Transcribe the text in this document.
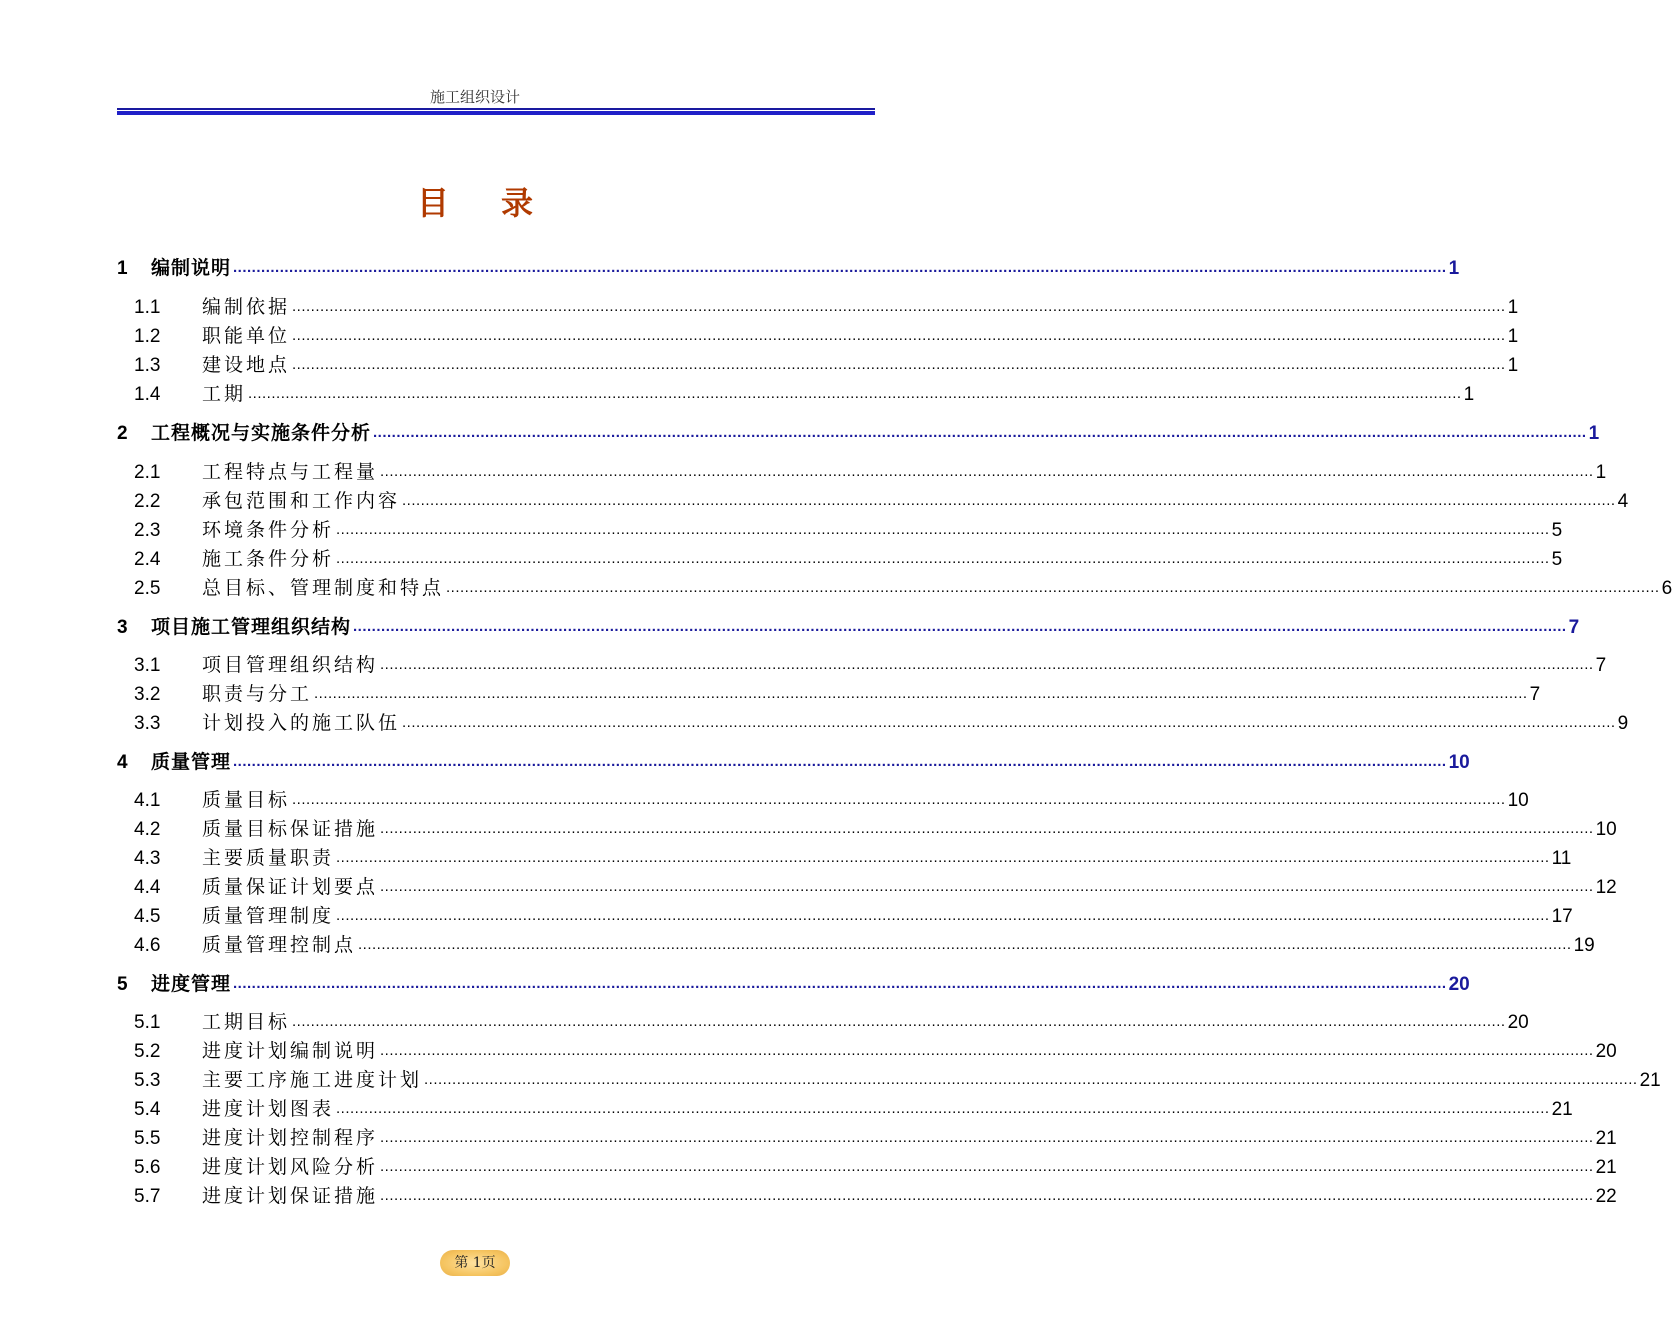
施工组织设计
目 录
1	编制说明 .................................................................................................................................................................................................................................................................... 1
1.1	编制依据 .................................................................................................................................................................................................................................................................... 1
1.2	职能单位 .................................................................................................................................................................................................................................................................... 1
1.3	建设地点 .................................................................................................................................................................................................................................................................... 1
1.4	工期 .................................................................................................................................................................................................................................................................... 1
2	工程概况与实施条件分析 .................................................................................................................................................................................................................................................................... 1
2.1	工程特点与工程量 .................................................................................................................................................................................................................................................................... 1
2.2	承包范围和工作内容 .................................................................................................................................................................................................................................................................... 4
2.3	环境条件分析 .................................................................................................................................................................................................................................................................... 5
2.4	施工条件分析 .................................................................................................................................................................................................................................................................... 5
2.5	总目标、管理制度和特点 .................................................................................................................................................................................................................................................................... 6
3	项目施工管理组织结构 .................................................................................................................................................................................................................................................................... 7
3.1	项目管理组织结构 .................................................................................................................................................................................................................................................................... 7
3.2	职责与分工 .................................................................................................................................................................................................................................................................... 7
3.3	计划投入的施工队伍 .................................................................................................................................................................................................................................................................... 9
4	质量管理 .................................................................................................................................................................................................................................................................... 10
4.1	质量目标 .................................................................................................................................................................................................................................................................... 10
4.2	质量目标保证措施 .................................................................................................................................................................................................................................................................... 10
4.3	主要质量职责 .................................................................................................................................................................................................................................................................... 11
4.4	质量保证计划要点 .................................................................................................................................................................................................................................................................... 12
4.5	质量管理制度 .................................................................................................................................................................................................................................................................... 17
4.6	质量管理控制点 .................................................................................................................................................................................................................................................................... 19
5	进度管理 .................................................................................................................................................................................................................................................................... 20
5.1	工期目标 .................................................................................................................................................................................................................................................................... 20
5.2	进度计划编制说明 .................................................................................................................................................................................................................................................................... 20
5.3	主要工序施工进度计划 .................................................................................................................................................................................................................................................................... 21
5.4	进度计划图表 .................................................................................................................................................................................................................................................................... 21
5.5	进度计划控制程序 .................................................................................................................................................................................................................................................................... 21
5.6	进度计划风险分析 .................................................................................................................................................................................................................................................................... 21
5.7	进度计划保证措施 .................................................................................................................................................................................................................................................................... 22
第 1页
